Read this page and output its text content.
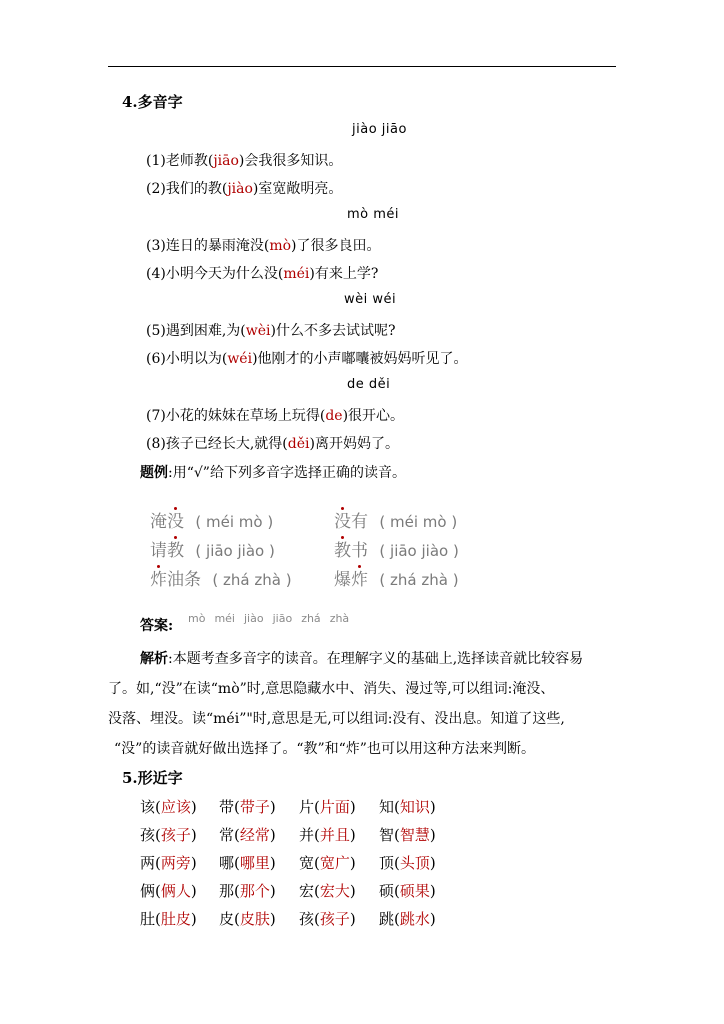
4.多音字
jiào jiāo
(1)老师教(jiāo)会我很多知识。
(2)我们的教(jiào)室宽敞明亮。
mò méi
(3)连日的暴雨淹没(mò)了很多良田。
(4)小明今天为什么没(méi)有来上学?
wèi wéi
(5)遇到困难,为(wèi)什么不多去试试呢?
(6)小明以为(wéi)他刚才的小声嘟囔被妈妈听见了。
de děi
(7)小花的妹妹在草场上玩得(de)很开心。
(8)孩子已经长大,就得(děi)离开妈妈了。
题例:用“√”给下列多音字选择正确的读音。
淹没 ( méi mò )	没有 ( méi mò )
请教 ( jiāo jiào )	教书 ( jiāo jiào )
炸油条 ( zhá zhà ) 爆炸 ( zhá zhà )
答案: mò méi jiào jiāo zhá zhà
解析:本题考查多音字的读音。在理解字义的基础上,选择读音就比较容易
了。如,“没”在读“mò”时,意思隐藏水中、消失、漫过等,可以组词:淹没、
没落、埋没。读“méi”"时,意思是无,可以组词:没有、没出息。知道了这些,
“没”的读音就好做出选择了。“教”和“炸”也可以用这种方法来判断。
5.形近字
该(应该) 带(带子) 片(片面) 知(知识)
孩(孩子) 常(经常) 并(并且) 智(智慧)
两(两旁) 哪(哪里) 宽(宽广) 顶(头顶)
俩(俩人) 那(那个) 宏(宏大) 硕(硕果)
肚(肚皮) 皮(皮肤) 孩(孩子) 跳(跳水)
